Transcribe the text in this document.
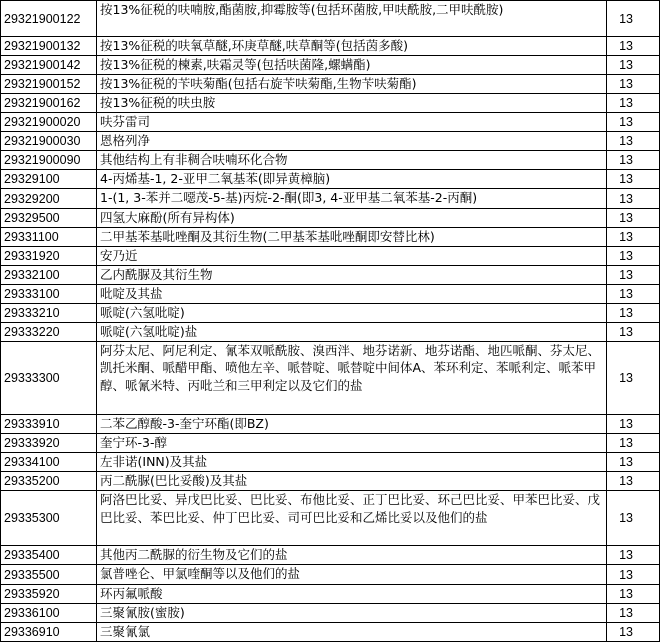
29321900122	按13%征税的呋喃胺,酯菌胺,抑霉胺等(包括环菌胺,甲呋酰胺,二甲呋酰胺)	13
29321900132	按13%征税的呋氧草醚,环庚草醚,呋草酮等(包括茵多酸)	13
29321900142	按13%征税的楝素,呋霜灵等(包括呋菌隆,螺螨酯)	13
29321900152	按13%征税的苄呋菊酯(包括右旋苄呋菊酯,生物苄呋菊酯)	13
29321900162	按13%征税的呋虫胺	13
29321900020	呋芬雷司	13
29321900030	恩格列净	13
29321900090	其他结构上有非稠合呋喃环化合物	13
29329100	4-丙烯基-1, 2-亚甲二氧基苯(即异黄樟脑)	13
29329200	1-(1, 3-苯并二噁茂-5-基)丙烷-2-酮(即3, 4-亚甲基二氧苯基-2-丙酮)	13
29329500	四氢大麻酚(所有异构体)	13
29331100	二甲基苯基吡唑酮及其衍生物(二甲基苯基吡唑酮即安替比林)	13
29331920	安乃近	13
29332100	乙内酰脲及其衍生物	13
29333100	吡啶及其盐	13
29333210	哌啶(六氢吡啶)	13
29333220	哌啶(六氢吡啶)盐	13
29333300	阿芬太尼、阿尼利定、氰苯双哌酰胺、溴西泮、地芬诺新、地芬诺酯、地匹哌酮、芬太尼、凯托米酮、哌醋甲酯、喷他左辛、哌替啶、哌替啶中间体A、苯环利定、苯哌利定、哌苯甲醇、哌氰米特、丙吡兰和三甲利定以及它们的盐	13
29333910	二苯乙醇酸-3-奎宁环酯(即BZ)	13
29333920	奎宁环-3-醇	13
29334100	左非诺(INN)及其盐	13
29335200	丙二酰脲(巴比妥酸)及其盐	13
29335300	阿洛巴比妥、异戊巴比妥、巴比妥、布他比妥、正丁巴比妥、环己巴比妥、甲苯巴比妥、戊巴比妥、苯巴比妥、仲丁巴比妥、司可巴比妥和乙烯比妥以及他们的盐	13
29335400	其他丙二酰脲的衍生物及它们的盐	13
29335500	氯普唑仑、甲氯喹酮等以及他们的盐	13
29335920	环丙氟哌酸	13
29336100	三聚氰胺(蜜胺)	13
29336910	三聚氰氯	13
